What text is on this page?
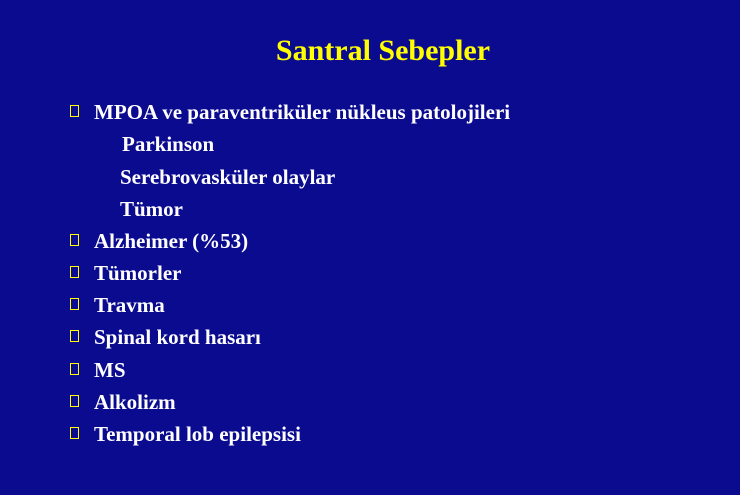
Santral Sebepler
MPOA ve paraventriküler nükleus patolojileri
Parkinson
Serebrovasküler olaylar
Tümor
Alzheimer (%53)
Tümorler
Travma
Spinal kord hasarı
MS
Alkolizm
Temporal lob epilepsisi
